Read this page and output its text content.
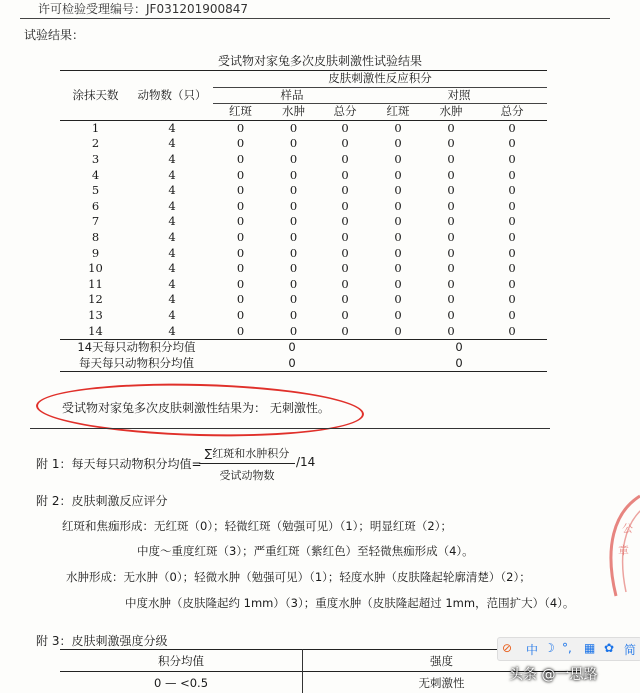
许可检验受理编号：JF031201900847
试验结果：
受试物对家兔多次皮肤刺激性试验结果
涂抹天数	动物数（只）	皮肤刺激性反应积分					
		样品			对照		
		红斑	水肿	总分	红斑	水肿	总分
1	4	0	0	0	0	0	0
2	4	0	0	0	0	0	0
3	4	0	0	0	0	0	0
4	4	0	0	0	0	0	0
5	4	0	0	0	0	0	0
6	4	0	0	0	0	0	0
7	4	0	0	0	0	0	0
8	4	0	0	0	0	0	0
9	4	0	0	0	0	0	0
10	4	0	0	0	0	0	0
11	4	0	0	0	0	0	0
12	4	0	0	0	0	0	0
13	4	0	0	0	0	0	0
14	4	0	0	0	0	0	0
14天每只动物积分均值		0			0		
每天每只动物积分均值		0			0		
受试物对家兔多次皮肤刺激性结果为： 无刺激性。
附 1：每天每只动物积分均值=
∑红斑和水肿积分
受试动物数
/14
附 2：皮肤刺激反应评分
红斑和焦痂形成：无红斑（0）；轻微红斑（勉强可见）（1）；明显红斑（2）；
中度～重度红斑（3）；严重红斑（紫红色）至轻微焦痂形成（4）。
水肿形成：无水肿（0）；轻微水肿（勉强可见）（1）；轻度水肿（皮肤隆起轮廓清楚）（2）；
中度水肿（皮肤隆起约 1mm）（3）；重度水肿（皮肤隆起超过 1mm，范围扩大）（4）。
附 3：皮肤刺激强度分级
积分均值	强度
0 — <0.5	无刺激性
公
章
⊘ 中 ☽ °, ▦ ✿ 简
头条 @一思路
